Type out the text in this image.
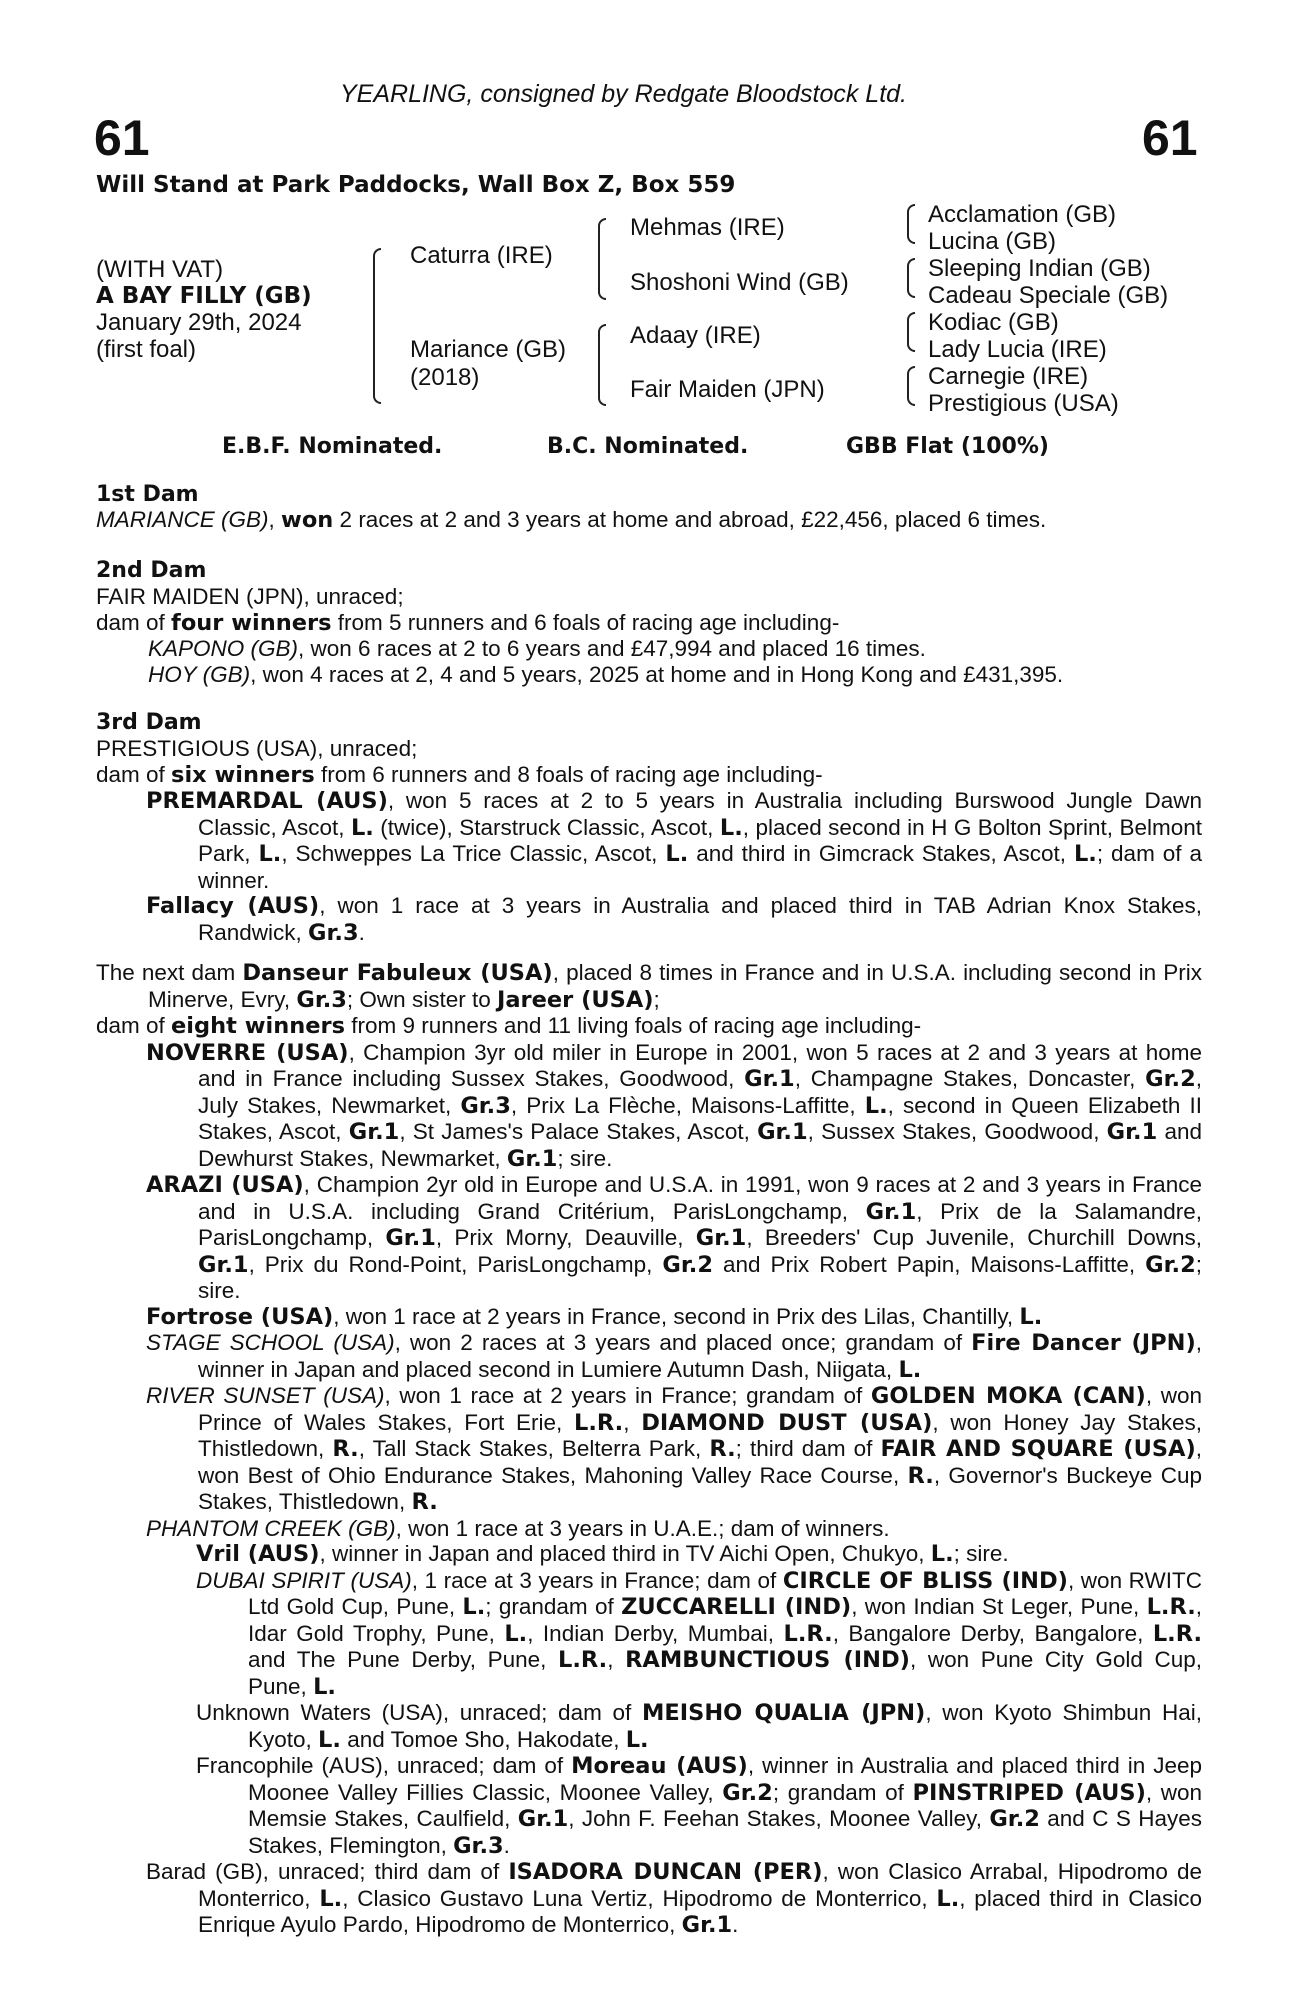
YEARLING, consigned by Redgate Bloodstock Ltd.
61	61
Will Stand at Park Paddocks, Wall Box Z, Box 559
(WITH VAT)
A BAY FILLY (GB)
January 29th, 2024
(first foal)
Caturra (IRE)
Mariance (GB)
(2018)
Mehmas (IRE)
Shoshoni Wind (GB)
Adaay (IRE)
Fair Maiden (JPN)
Acclamation (GB)
Lucina (GB)
Sleeping Indian (GB)
Cadeau Speciale (GB)
Kodiac (GB)
Lady Lucia (IRE)
Carnegie (IRE)
Prestigious (USA)
E.B.F. Nominated.	B.C. Nominated.	GBB Flat (100%)
1st Dam
MARIANCE (GB), won 2 races at 2 and 3 years at home and abroad, £22,456, placed 6 times.
2nd Dam
FAIR MAIDEN (JPN), unraced;
dam of four winners from 5 runners and 6 foals of racing age including-
KAPONO (GB), won 6 races at 2 to 6 years and £47,994 and placed 16 times.
HOY (GB), won 4 races at 2, 4 and 5 years, 2025 at home and in Hong Kong and £431,395.
3rd Dam
PRESTIGIOUS (USA), unraced;
dam of six winners from 6 runners and 8 foals of racing age including-
PREMARDAL (AUS), won 5 races at 2 to 5 years in Australia including Burswood Jungle Dawn Classic, Ascot, L. (twice), Starstruck Classic, Ascot, L., placed second in H G Bolton Sprint, Belmont Park, L., Schweppes La Trice Classic, Ascot, L. and third in Gimcrack Stakes, Ascot, L.; dam of a winner.
Fallacy (AUS), won 1 race at 3 years in Australia and placed third in TAB Adrian Knox Stakes, Randwick, Gr.3.
The next dam Danseur Fabuleux (USA), placed 8 times in France and in U.S.A. including second in Prix Minerve, Evry, Gr.3; Own sister to Jareer (USA);
dam of eight winners from 9 runners and 11 living foals of racing age including-
NOVERRE (USA), Champion 3yr old miler in Europe in 2001, won 5 races at 2 and 3 years at home and in France including Sussex Stakes, Goodwood, Gr.1, Champagne Stakes, Doncaster, Gr.2, July Stakes, Newmarket, Gr.3, Prix La Flèche, Maisons-Laffitte, L., second in Queen Elizabeth II Stakes, Ascot, Gr.1, St James's Palace Stakes, Ascot, Gr.1, Sussex Stakes, Goodwood, Gr.1 and Dewhurst Stakes, Newmarket, Gr.1; sire.
ARAZI (USA), Champion 2yr old in Europe and U.S.A. in 1991, won 9 races at 2 and 3 years in France and in U.S.A. including Grand Critérium, ParisLongchamp, Gr.1, Prix de la Salamandre, ParisLongchamp, Gr.1, Prix Morny, Deauville, Gr.1, Breeders' Cup Juvenile, Churchill Downs, Gr.1, Prix du Rond-Point, ParisLongchamp, Gr.2 and Prix Robert Papin, Maisons-Laffitte, Gr.2; sire.
Fortrose (USA), won 1 race at 2 years in France, second in Prix des Lilas, Chantilly, L.
STAGE SCHOOL (USA), won 2 races at 3 years and placed once; grandam of Fire Dancer (JPN), winner in Japan and placed second in Lumiere Autumn Dash, Niigata, L.
RIVER SUNSET (USA), won 1 race at 2 years in France; grandam of GOLDEN MOKA (CAN), won Prince of Wales Stakes, Fort Erie, L.R., DIAMOND DUST (USA), won Honey Jay Stakes, Thistledown, R., Tall Stack Stakes, Belterra Park, R.; third dam of FAIR AND SQUARE (USA), won Best of Ohio Endurance Stakes, Mahoning Valley Race Course, R., Governor's Buckeye Cup Stakes, Thistledown, R.
PHANTOM CREEK (GB), won 1 race at 3 years in U.A.E.; dam of winners.
Vril (AUS), winner in Japan and placed third in TV Aichi Open, Chukyo, L.; sire.
DUBAI SPIRIT (USA), 1 race at 3 years in France; dam of CIRCLE OF BLISS (IND), won RWITC Ltd Gold Cup, Pune, L.; grandam of ZUCCARELLI (IND), won Indian St Leger, Pune, L.R., Idar Gold Trophy, Pune, L., Indian Derby, Mumbai, L.R., Bangalore Derby, Bangalore, L.R. and The Pune Derby, Pune, L.R., RAMBUNCTIOUS (IND), won Pune City Gold Cup, Pune, L.
Unknown Waters (USA), unraced; dam of MEISHO QUALIA (JPN), won Kyoto Shimbun Hai, Kyoto, L. and Tomoe Sho, Hakodate, L.
Francophile (AUS), unraced; dam of Moreau (AUS), winner in Australia and placed third in Jeep Moonee Valley Fillies Classic, Moonee Valley, Gr.2; grandam of PINSTRIPED (AUS), won Memsie Stakes, Caulfield, Gr.1, John F. Feehan Stakes, Moonee Valley, Gr.2 and C S Hayes Stakes, Flemington, Gr.3.
Barad (GB), unraced; third dam of ISADORA DUNCAN (PER), won Clasico Arrabal, Hipodromo de Monterrico, L., Clasico Gustavo Luna Vertiz, Hipodromo de Monterrico, L., placed third in Clasico Enrique Ayulo Pardo, Hipodromo de Monterrico, Gr.1.
